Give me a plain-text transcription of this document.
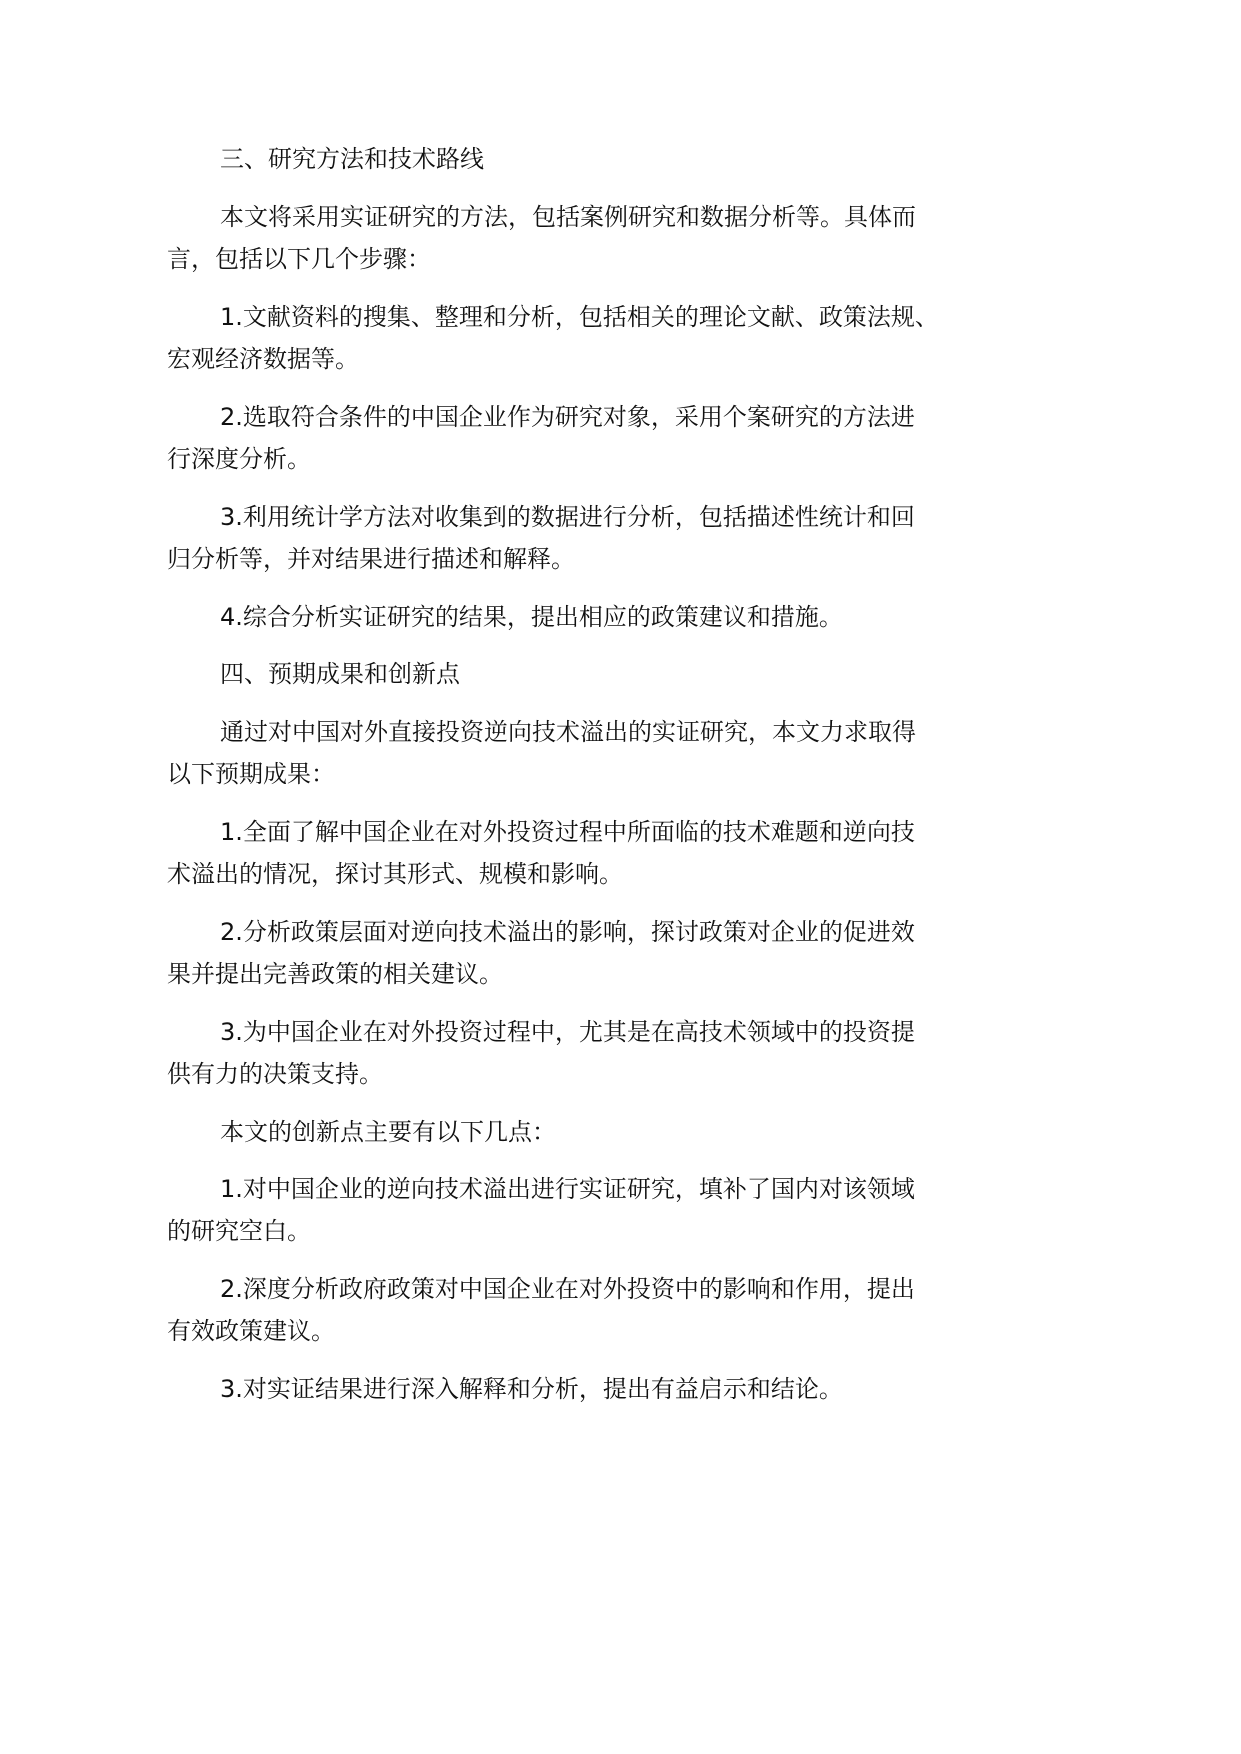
三、研究方法和技术路线

本文将采用实证研究的方法，包括案例研究和数据分析等。具体而

言，包括以下几个步骤：

1.文献资料的搜集、整理和分析，包括相关的理论文献、政策法规、

宏观经济数据等。

2.选取符合条件的中国企业作为研究对象，采用个案研究的方法进

行深度分析。

3.利用统计学方法对收集到的数据进行分析，包括描述性统计和回

归分析等，并对结果进行描述和解释。

4.综合分析实证研究的结果，提出相应的政策建议和措施。

四、预期成果和创新点

通过对中国对外直接投资逆向技术溢出的实证研究，本文力求取得

以下预期成果：

1.全面了解中国企业在对外投资过程中所面临的技术难题和逆向技

术溢出的情况，探讨其形式、规模和影响。

2.分析政策层面对逆向技术溢出的影响，探讨政策对企业的促进效

果并提出完善政策的相关建议。

3.为中国企业在对外投资过程中，尤其是在高技术领域中的投资提

供有力的决策支持。

本文的创新点主要有以下几点：

1.对中国企业的逆向技术溢出进行实证研究，填补了国内对该领域

的研究空白。

2.深度分析政府政策对中国企业在对外投资中的影响和作用，提出

有效政策建议。

3.对实证结果进行深入解释和分析，提出有益启示和结论。
